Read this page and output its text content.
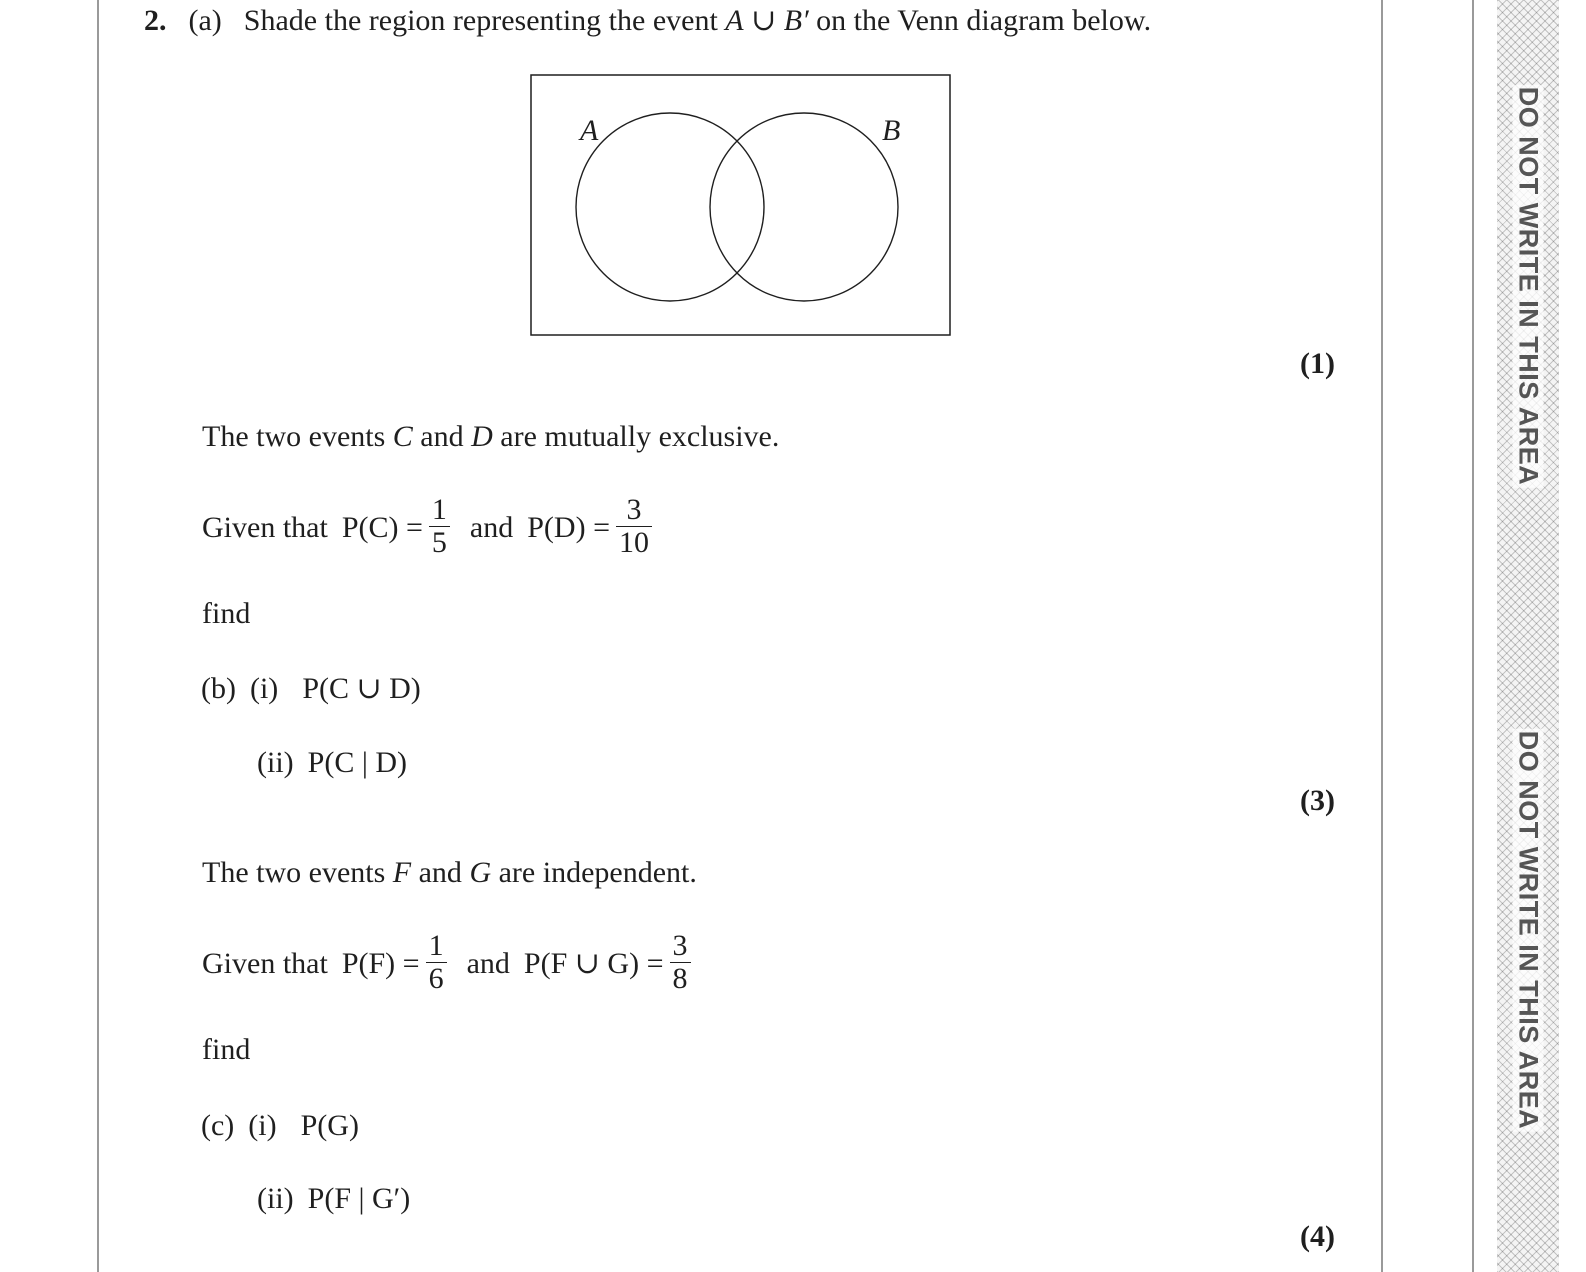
DO NOT WRITE IN THIS AREA
DO NOT WRITE IN THIS AREA
2. (a) Shade the region representing the event A ∪ B′ on the Venn diagram below.
A	B
(1)
The two events C and D are mutually exclusive.
Given that $P(C) = \frac{1}{5}$ and $P(D) = \frac{3}{10}$
find
(b) (i) P(C ∪ D)
(ii) P(C | D)
(3)
The two events F and G are independent.
Given that $P(F) = \frac{1}{6}$ and P(F ∪ $G) = \frac{3}{8}$
find
(c) (i) P(G)
(ii) P(F | G′)
(4)
